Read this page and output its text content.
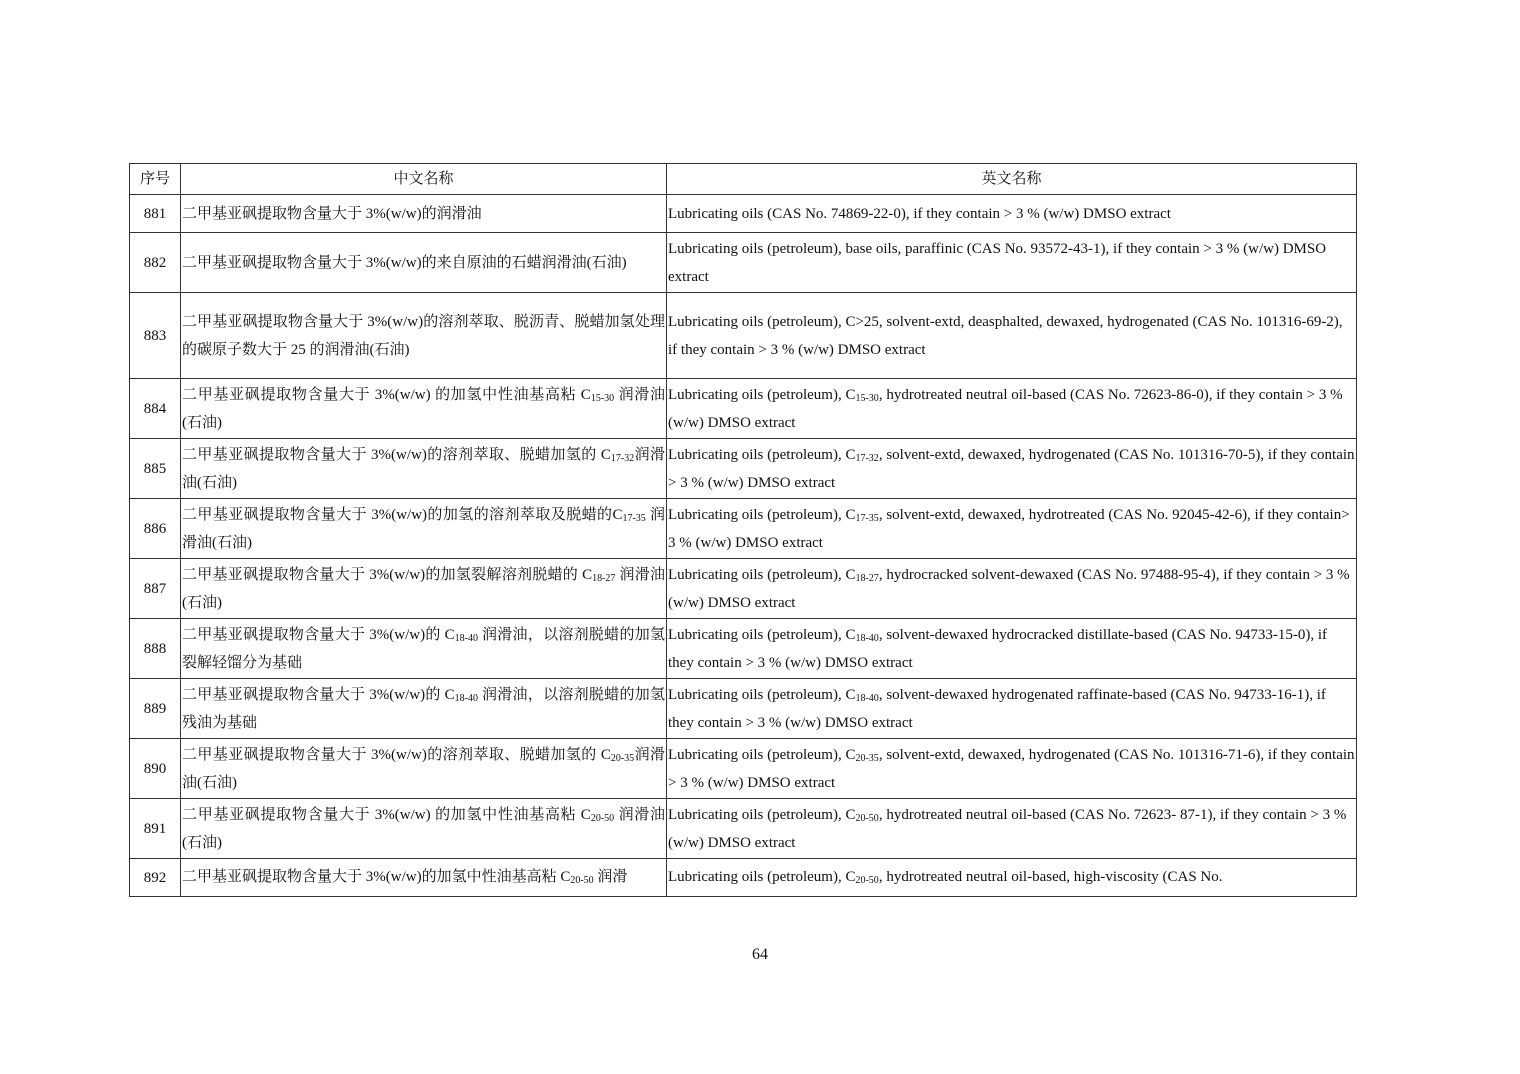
序号	中文名称	英文名称
881	二甲基亚砜提取物含量大于 3%(w/w)的润滑油	Lubricating oils (CAS No. 74869-22-0), if they contain > 3 % (w/w) DMSO extract
882	二甲基亚砜提取物含量大于 3%(w/w)的来自原油的石蜡润滑油(石油)	Lubricating oils (petroleum), base oils, paraffinic (CAS No. 93572-43-1), if they contain > 3 % (w/w) DMSO extract
883	二甲基亚砜提取物含量大于 3%(w/w)的溶剂萃取、脱沥青、脱蜡加氢处理的碳原子数大于 25 的润滑油(石油)	Lubricating oils (petroleum), C>25, solvent-extd, deasphalted, dewaxed, hydrogenated (CAS No. 101316-69-2), if they contain > 3 % (w/w) DMSO extract
884	二甲基亚砜提取物含量大于 3%(w/w) 的加氢中性油基高粘 $C_{15-30}$ 润滑油(石油)	Lubricating oils (petroleum), $C_{15-30}$, hydrotreated neutral oil-based (CAS No. 72623-86-0), if they contain > 3 % (w/w) DMSO extract
885	二甲基亚砜提取物含量大于 3%(w/w)的溶剂萃取、脱蜡加氢的 $C_{17-32}$润滑油(石油)	Lubricating oils (petroleum), $C_{17-32}$, solvent-extd, dewaxed, hydrogenated (CAS No. 101316-70-5), if they contain > 3 % (w/w) DMSO extract
886	二甲基亚砜提取物含量大于 3%(w/w)的加氢的溶剂萃取及脱蜡的$C_{17-35}$ 润滑油(石油)	Lubricating oils (petroleum), $C_{17-35}$, solvent-extd, dewaxed, hydrotreated (CAS No. 92045-42-6), if they contain> 3 % (w/w) DMSO extract
887	二甲基亚砜提取物含量大于 3%(w/w)的加氢裂解溶剂脱蜡的 $C_{18-27}$ 润滑油(石油)	Lubricating oils (petroleum), $C_{18-27}$, hydrocracked solvent-dewaxed (CAS No. 97488-95-4), if they contain > 3 % (w/w) DMSO extract
888	二甲基亚砜提取物含量大于 3%(w/w)的 $C_{18-40}$ 润滑油，以溶剂脱蜡的加氢裂解轻馏分为基础	Lubricating oils (petroleum), $C_{18-40}$, solvent-dewaxed hydrocracked distillate-based (CAS No. 94733-15-0), if they contain > 3 % (w/w) DMSO extract
889	二甲基亚砜提取物含量大于 3%(w/w)的 $C_{18-40}$ 润滑油，以溶剂脱蜡的加氢残油为基础	Lubricating oils (petroleum), $C_{18-40}$, solvent-dewaxed hydrogenated raffinate-based (CAS No. 94733-16-1), if they contain > 3 % (w/w) DMSO extract
890	二甲基亚砜提取物含量大于 3%(w/w)的溶剂萃取、脱蜡加氢的 $C_{20-35}$润滑油(石油)	Lubricating oils (petroleum), $C_{20-35}$, solvent-extd, dewaxed, hydrogenated (CAS No. 101316-71-6), if they contain > 3 % (w/w) DMSO extract
891	二甲基亚砜提取物含量大于 3%(w/w) 的加氢中性油基高粘 $C_{20-50}$ 润滑油(石油)	Lubricating oils (petroleum), $C_{20-50}$, hydrotreated neutral oil-based (CAS No. 72623- 87-1), if they contain > 3 % (w/w) DMSO extract
892	二甲基亚砜提取物含量大于 3%(w/w)的加氢中性油基高粘 $C_{20-50}$ 润滑	Lubricating oils (petroleum), $C_{20-50}$, hydrotreated neutral oil-based, high-viscosity (CAS No.
64
